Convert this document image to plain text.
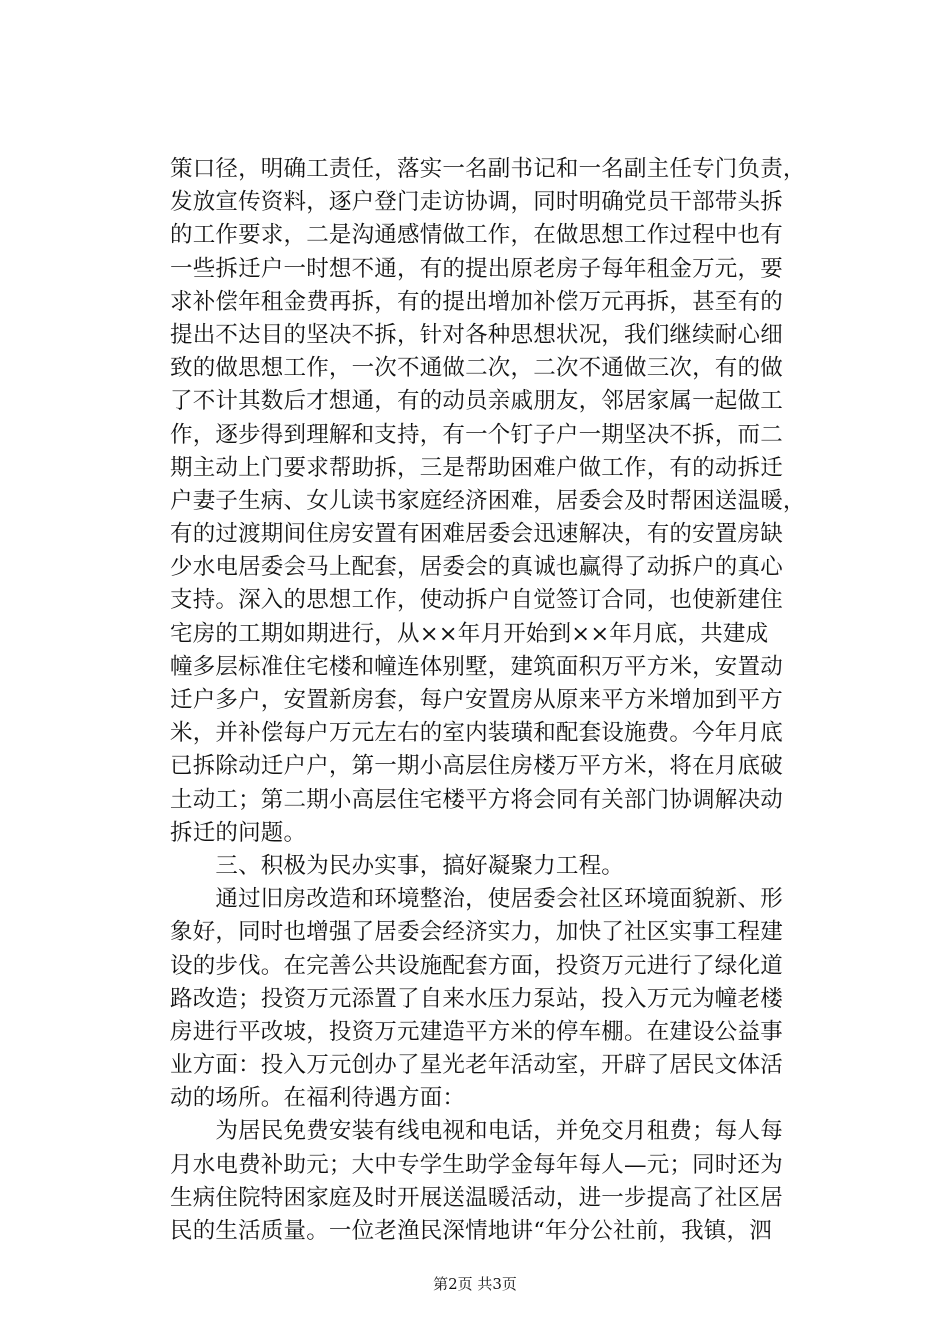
策口径，明确工责任，落实一名副书记和一名副主任专门负责，
发放宣传资料，逐户登门走访协调，同时明确党员干部带头拆
的工作要求，二是沟通感情做工作，在做思想工作过程中也有
一些拆迁户一时想不通，有的提出原老房子每年租金万元，要
求补偿年租金费再拆，有的提出增加补偿万元再拆，甚至有的
提出不达目的坚决不拆，针对各种思想状况，我们继续耐心细
致的做思想工作，一次不通做二次，二次不通做三次，有的做
了不计其数后才想通，有的动员亲戚朋友，邻居家属一起做工
作，逐步得到理解和支持，有一个钉子户一期坚决不拆，而二
期主动上门要求帮助拆，三是帮助困难户做工作，有的动拆迁
户妻子生病、女儿读书家庭经济困难，居委会及时帮困送温暖，
有的过渡期间住房安置有困难居委会迅速解决，有的安置房缺
少水电居委会马上配套，居委会的真诚也赢得了动拆户的真心
支持。深入的思想工作，使动拆户自觉签订合同，也使新建住
宅房的工期如期进行，从××年月开始到××年月底，共建成
幢多层标准住宅楼和幢连体别墅，建筑面积万平方米，安置动
迁户多户，安置新房套，每户安置房从原来平方米增加到平方
米，并补偿每户万元左右的室内装璜和配套设施费。今年月底
已拆除动迁户户，第一期小高层住房楼万平方米，将在月底破
土动工；第二期小高层住宅楼平方将会同有关部门协调解决动
拆迁的问题。
　　三、积极为民办实事，搞好凝聚力工程。
　　通过旧房改造和环境整治，使居委会社区环境面貌新、形
象好，同时也增强了居委会经济实力，加快了社区实事工程建
设的步伐。在完善公共设施配套方面，投资万元进行了绿化道
路改造；投资万元添置了自来水压力泵站，投入万元为幢老楼
房进行平改坡，投资万元建造平方米的停车棚。在建设公益事
业方面：投入万元创办了星光老年活动室，开辟了居民文体活
动的场所。在福利待遇方面：
　　为居民免费安装有线电视和电话，并免交月租费；每人每
月水电费补助元；大中专学生助学金每年每人—元；同时还为
生病住院特困家庭及时开展送温暖活动，进一步提高了社区居
民的生活质量。一位老渔民深情地讲“年分公社前，我镇，泗
第2页 共3页
